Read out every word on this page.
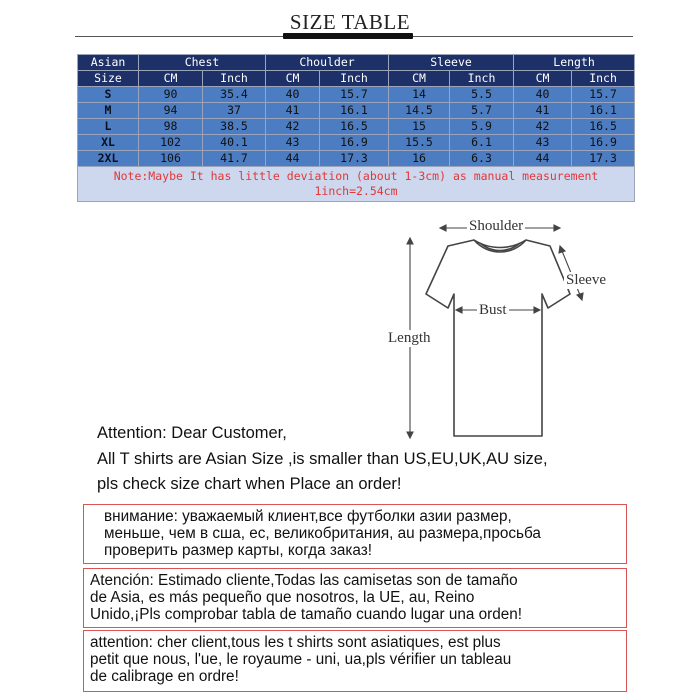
SIZE TABLE
Asian	Chest		Choulder		Sleeve		Length	
Size	CM	Inch	CM	Inch	CM	Inch	CM	Inch
S	90	35.4	40	15.7	14	5.5	40	15.7
M	94	37	41	16.1	14.5	5.7	41	16.1
L	98	38.5	42	16.5	15	5.9	42	16.5
XL	102	40.1	43	16.9	15.5	6.1	43	16.9
2XL	106	41.7	44	17.3	16	6.3	44	17.3

Note:Maybe It has little deviation (about 1-3cm) as manual measurement
1inch=2.54cm								
Shoulder
Sleeve
Bust
Length
Attention: Dear Customer,
All T shirts are Asian Size ,is smaller than US,EU,UK,AU size,
pls check size chart when Place an order!
внимание: уважаемый клиент,все футболки азии размер,
меньше, чем в сша, ес, великобритания, au размера,просьба
проверить размер карты, когда заказ!
Atención: Estimado cliente,Todas las camisetas son de tamaño
de Asia, es más pequeño que nosotros, la UE, au, Reino
Unido,¡Pls comprobar tabla de tamaño cuando lugar una orden!
attention: cher client,tous les t shirts sont asiatiques, est plus
petit que nous, l'ue, le royaume - uni, ua,pls vérifier un tableau
de calibrage en ordre!
